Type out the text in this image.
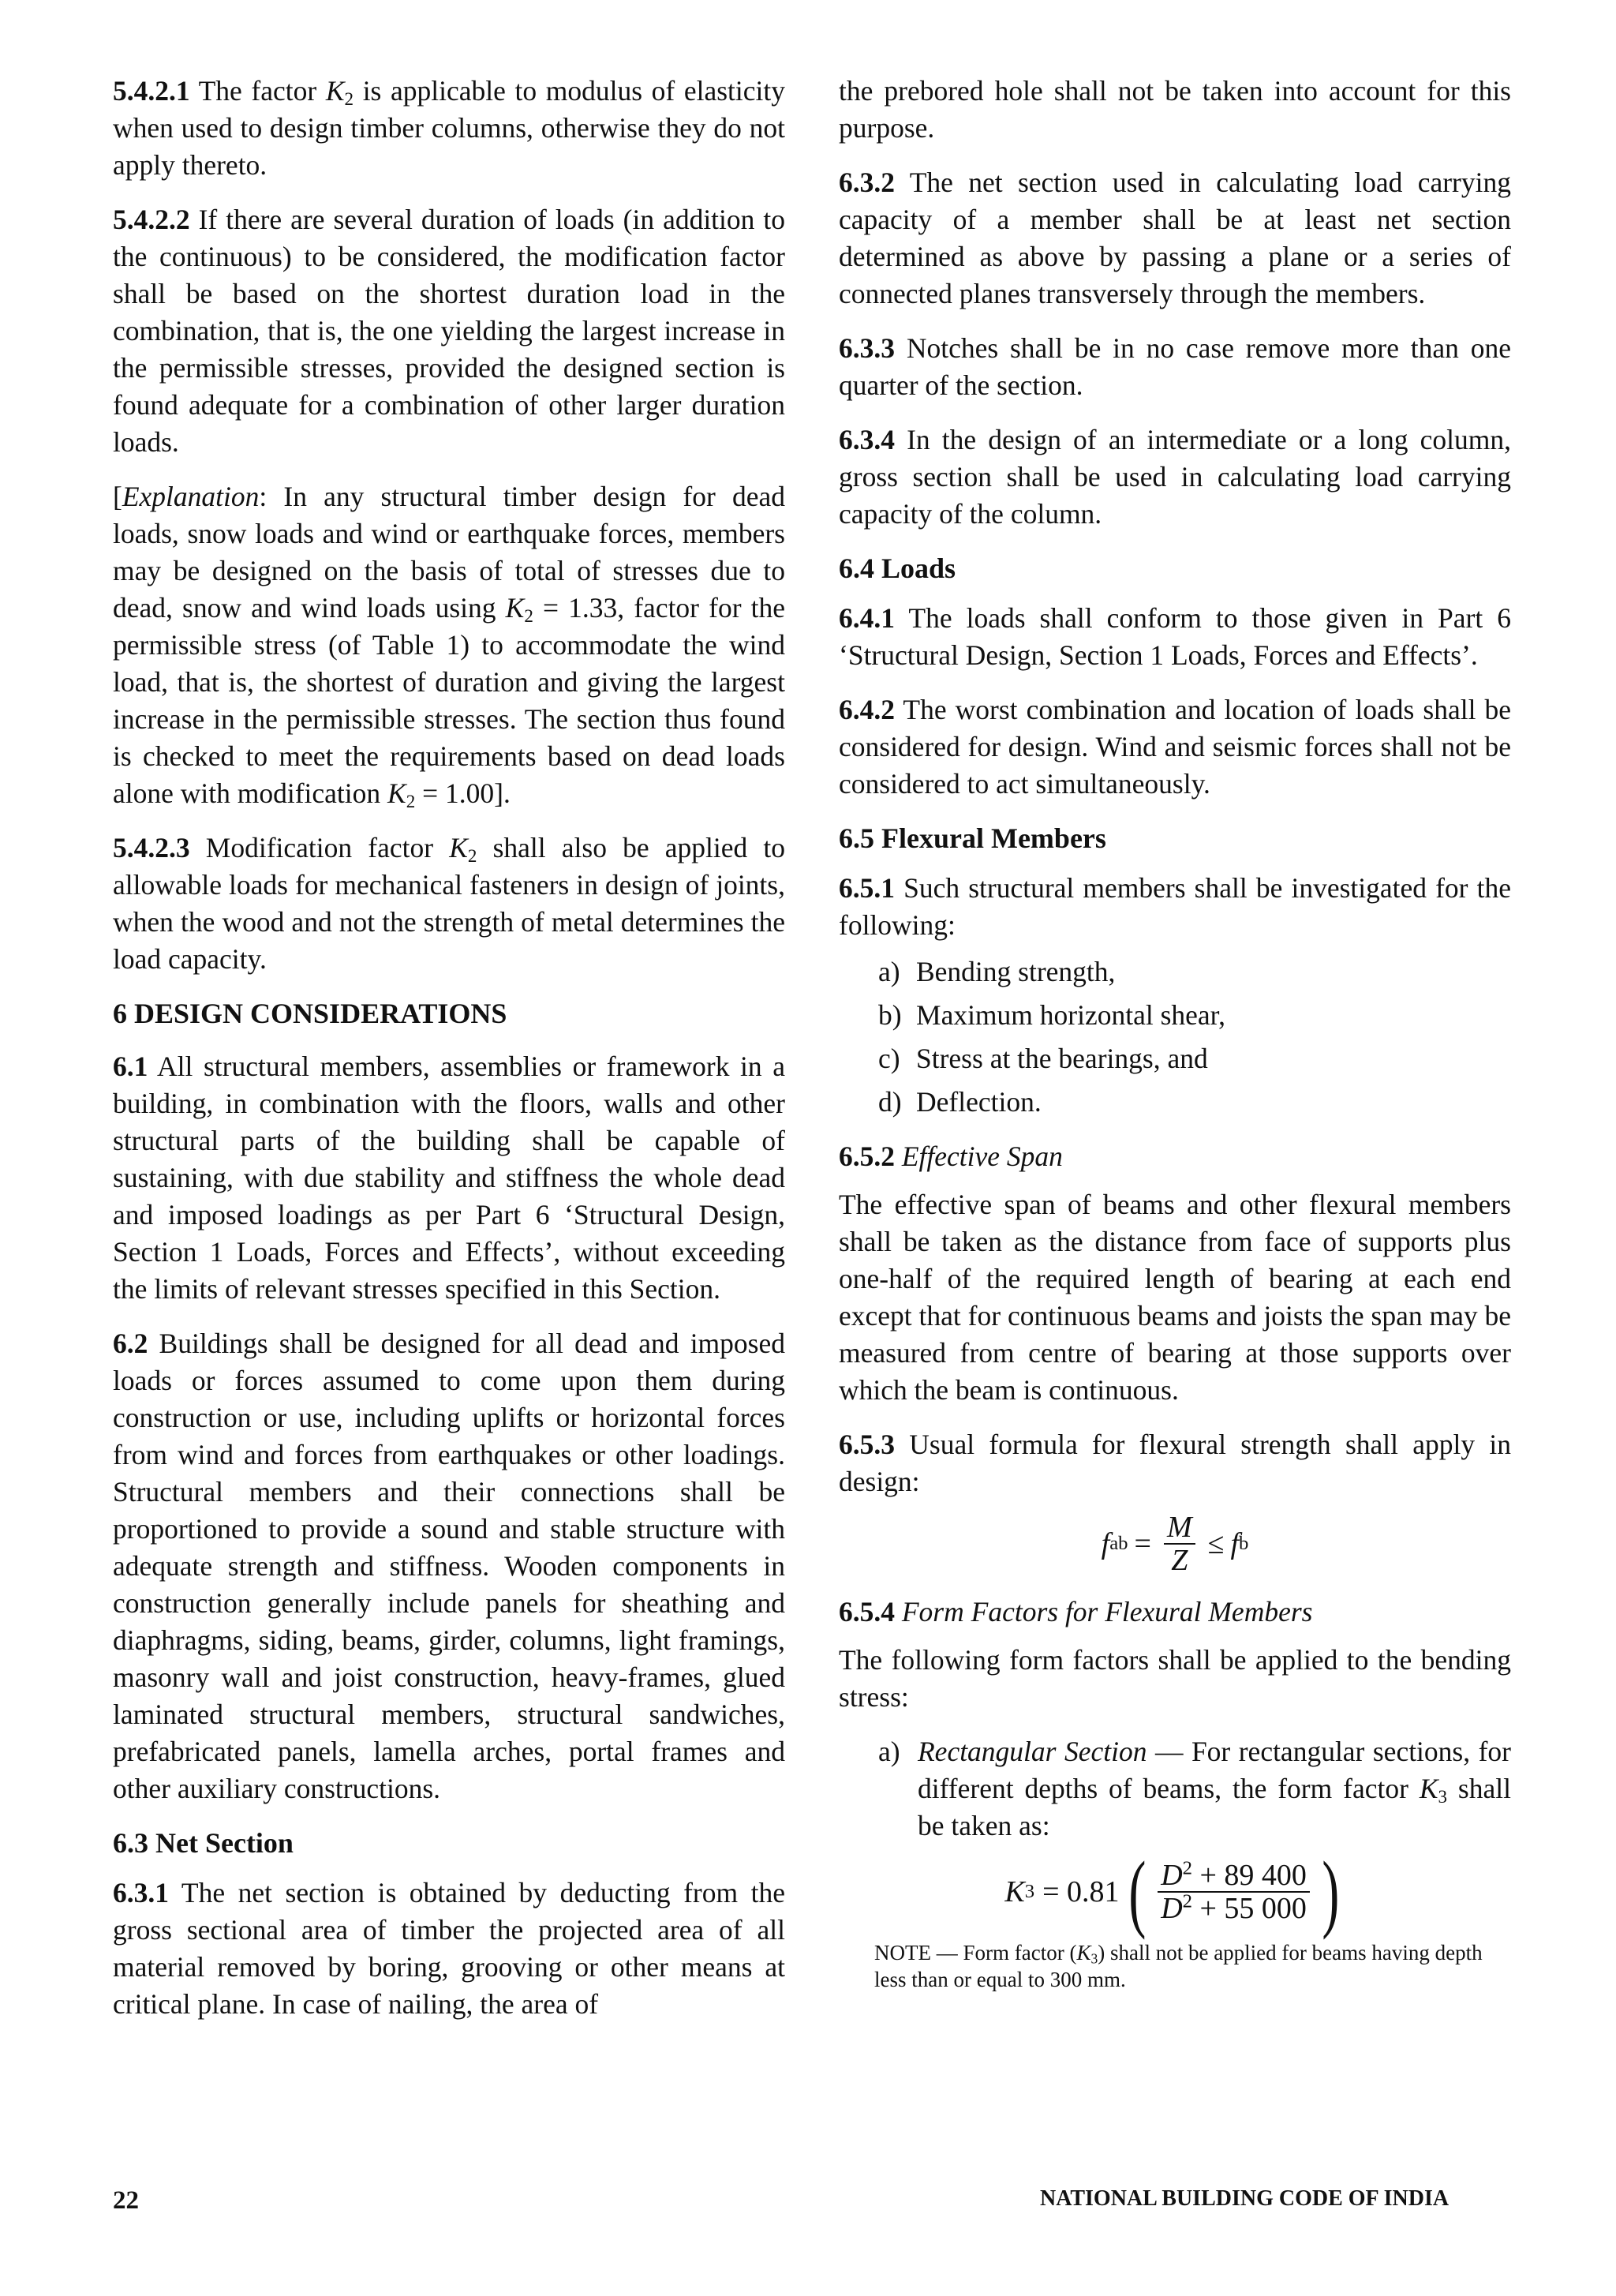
5.4.2.1 The factor $K_2$ is applicable to modulus of elasticity when used to design timber columns, otherwise they do not apply thereto.

5.4.2.2 If there are several duration of loads (in addition to the continuous) to be considered, the modification factor shall be based on the shortest duration load in the combination, that is, the one yielding the largest increase in the permissible stresses, provided the designed section is found adequate for a combination of other larger duration loads.

[Explanation: In any structural timber design for dead loads, snow loads and wind or earthquake forces, members may be designed on the basis of total of stresses due to dead, snow and wind loads using $K_2 = 1.33$, factor for the permissible stress (of Table 1) to accommodate the wind load, that is, the shortest of duration and giving the largest increase in the permissible stresses. The section thus found is checked to meet the requirements based on dead loads alone with modification $K_2 = 1.00$].

5.4.2.3 Modification factor $K_2$ shall also be applied to allowable loads for mechanical fasteners in design of joints, when the wood and not the strength of metal determines the load capacity.

6 DESIGN CONSIDERATIONS

6.1 All structural members, assemblies or framework in a building, in combination with the floors, walls and other structural parts of the building shall be capable of sustaining, with due stability and stiffness the whole dead and imposed loadings as per Part 6 ‘Structural Design, Section 1 Loads, Forces and Effects’, without exceeding the limits of relevant stresses specified in this Section.

6.2 Buildings shall be designed for all dead and imposed loads or forces assumed to come upon them during construction or use, including uplifts or horizontal forces from wind and forces from earthquakes or other loadings. Structural members and their connections shall be proportioned to provide a sound and stable structure with adequate strength and stiffness. Wooden components in construction generally include panels for sheathing and diaphragms, siding, beams, girder, columns, light framings, masonry wall and joist construction, heavy-frames, glued laminated structural members, structural sandwiches, prefabricated panels, lamella arches, portal frames and other auxiliary constructions.

6.3 Net Section

6.3.1 The net section is obtained by deducting from the gross sectional area of timber the projected area of all material removed by boring, grooving or other means at critical plane. In case of nailing, the area of

the prebored hole shall not be taken into account for this purpose.

6.3.2 The net section used in calculating load carrying capacity of a member shall be at least net section determined as above by passing a plane or a series of connected planes transversely through the members.

6.3.3 Notches shall be in no case remove more than one quarter of the section.

6.3.4 In the design of an intermediate or a long column, gross section shall be used in calculating load carrying capacity of the column.

6.4 Loads

6.4.1 The loads shall conform to those given in Part 6 ‘Structural Design, Section 1 Loads, Forces and Effects’.

6.4.2 The worst combination and location of loads shall be considered for design. Wind and seismic forces shall not be considered to act simultaneously.

6.5 Flexural Members

6.5.1 Such structural members shall be investigated for the following:

a) Bending strength,
b) Maximum horizontal shear,
c) Stress at the bearings, and
d) Deflection.

6.5.2 Effective Span

The effective span of beams and other flexural members shall be taken as the distance from face of supports plus one-half of the required length of bearing at each end except that for continuous beams and joists the span may be measured from centre of bearing at those supports over which the beam is continuous.

6.5.3 Usual formula for flexural strength shall apply in design:

f ab = $\frac{M}{Z} \le f$ b

6.5.4 Form Factors for Flexural Members

The following form factors shall be applied to the bending stress:

a) Rectangular Section — For rectangular sections, for different depths of beams, the form factor $K_3$ shall be taken as:
K 3 = 0.81 ( $\frac{D^2 + 89 400}{D^2 + 55 000}$ )

NOTE — Form factor $(K_3)$ shall not be applied for beams having depth less than or equal to 300 mm.

22	NATIONAL BUILDING CODE OF INDIA
